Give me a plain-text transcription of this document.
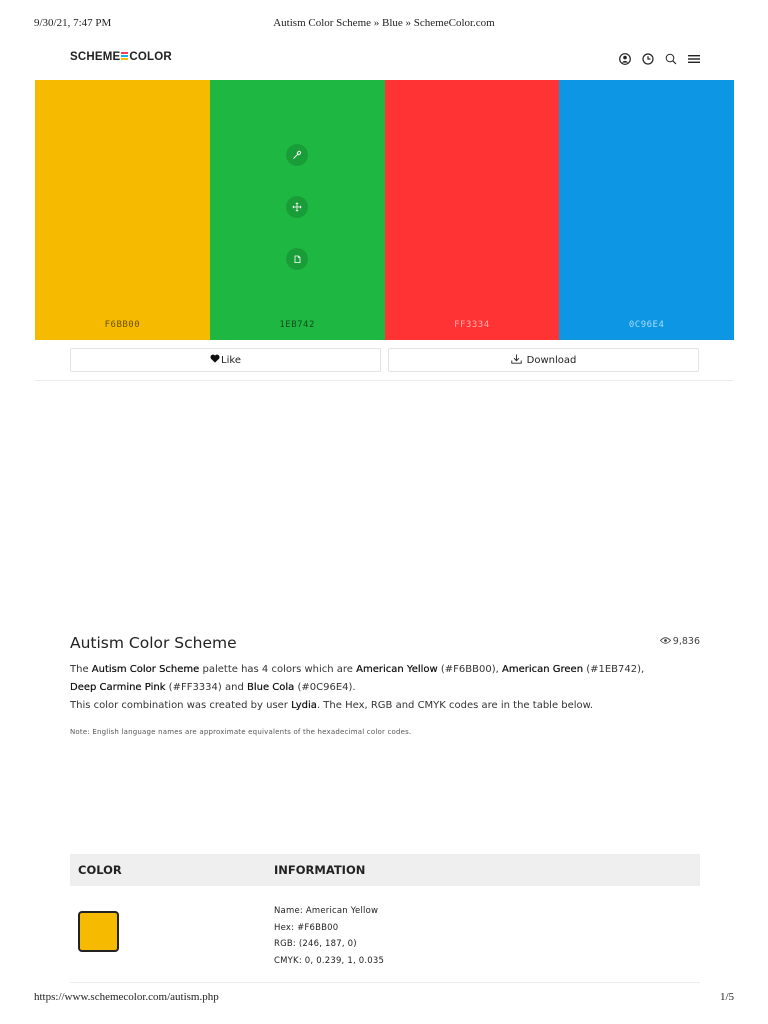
9/30/21, 7:47 PM	Autism Color Scheme » Blue » SchemeColor.com
SCHEME COLOR
F6BB00	1EB742	FF3334	0C96E4
Like	Download
Autism Color Scheme	9,836
The Autism Color Scheme palette has 4 colors which are American Yellow (#F6BB00), American Green (#1EB742),
Deep Carmine Pink (#FF3334) and Blue Cola (#0C96E4).
This color combination was created by user Lydia. The Hex, RGB and CMYK codes are in the table below.
Note: English language names are approximate equivalents of the hexadecimal color codes.
COLOR	INFORMATION
Name: American Yellow
Hex: #F6BB00
RGB: (246, 187, 0)
CMYK: 0, 0.239, 1, 0.035
https://www.schemecolor.com/autism.php	1/5
